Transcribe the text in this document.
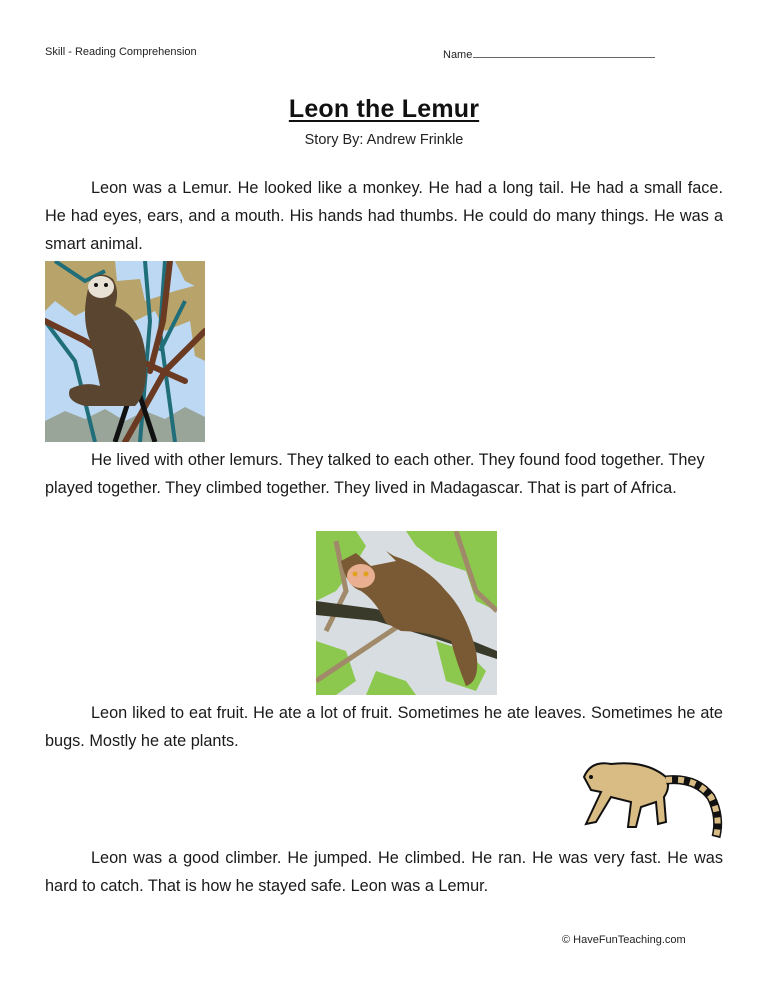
Skill - Reading Comprehension	Name
Leon the Lemur
Story By: Andrew Frinkle
Leon was a Lemur. He looked like a monkey. He had a long tail. He had a small face. He had eyes, ears, and a mouth. His hands had thumbs. He could do many things. He was a smart animal.
He lived with other lemurs. They talked to each other. They found food together. They played together. They climbed together. They lived in Madagascar. That is part of Africa.
Leon liked to eat fruit. He ate a lot of fruit. Sometimes he ate leaves. Sometimes he ate bugs. Mostly he ate plants.
Leon was a good climber. He jumped. He climbed. He ran. He was very fast. He was hard to catch. That is how he stayed safe. Leon was a Lemur.
© HaveFunTeaching.com
